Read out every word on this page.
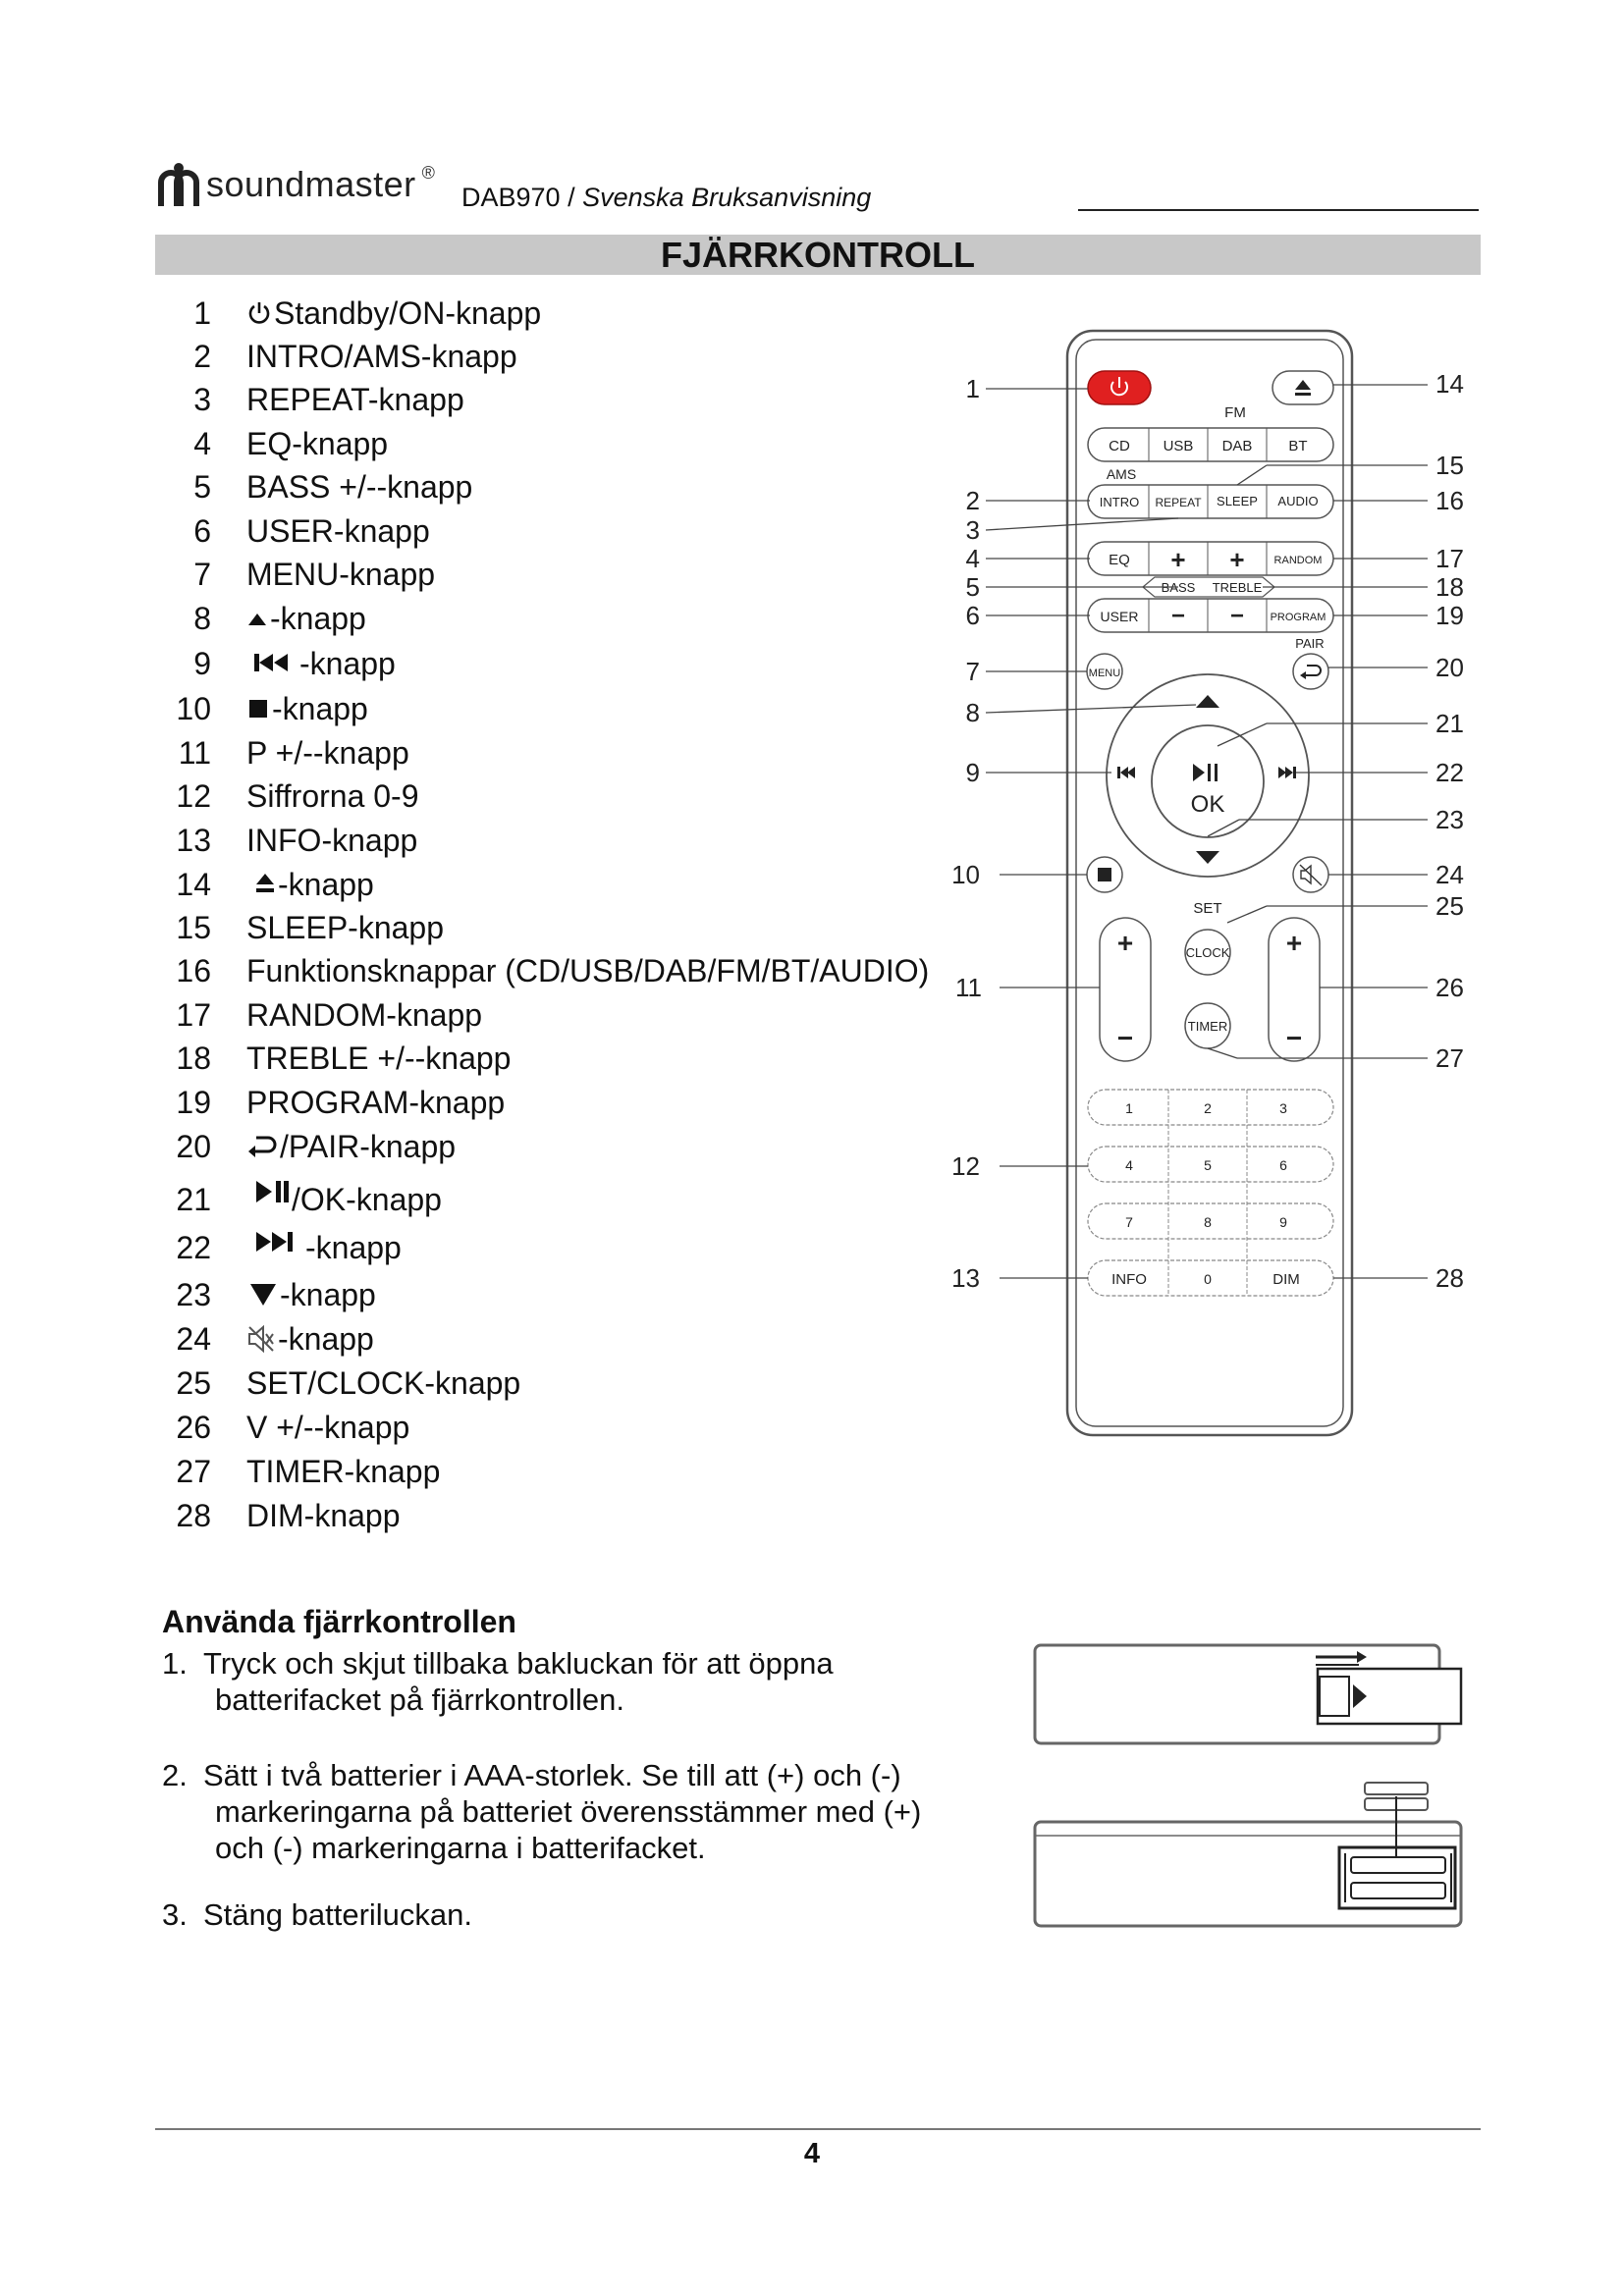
soundmaster ®
DAB970 / Svenska Bruksanvisning
FJÄRRKONTROLL
1 Standby/ON-knapp
2 INTRO/AMS-knapp
3 REPEAT-knapp
4 EQ-knapp
5 BASS +/--knapp
6 USER-knapp
7 MENU-knapp
8 -knapp
9	-knapp
10 -knapp
11 P +/--knapp
12 Siffrorna 0-9
13 INFO-knapp
14 -knapp
15 SLEEP-knapp
16 Funktionsknappar (CD/USB/DAB/FM/BT/AUDIO)
17 RANDOM-knapp
18 TREBLE +/--knapp
19 PROGRAM-knapp
20 /PAIR-knapp
21	/OK-knapp
22	-knapp
23 -knapp
24 -knapp
25 SET/CLOCK-knapp
26 V +/--knapp
27 TIMER-knapp
28 DIM-knapp
FM
CD USB DAB BT
AMS
INTRO REPEAT SLEEP AUDIO
EQ + +	RANDOM
BASS TREBLE
USER − − PROGRAM
PAIR
MENU
OK
SET
+
−
+
−
CLOCK
TIMER
1	2	3
4	5	6
7	8	9
INFO	0	DIM
1
2
3
4
5
6
7
8
9
10
11
12
13
14
15
16
17
18
19
20
21
22
23
24
25
26
27
28
Använda fjärrkontrollen
1. Tryck och skjut tillbaka bakluckan för att öppna
batterifacket på fjärrkontrollen.
2. Sätt i två batterier i AAA-storlek. Se till att (+) och (-)
markeringarna på batteriet överensstämmer med (+)
och (-) markeringarna i batterifacket.
3. Stäng batteriluckan.
4
